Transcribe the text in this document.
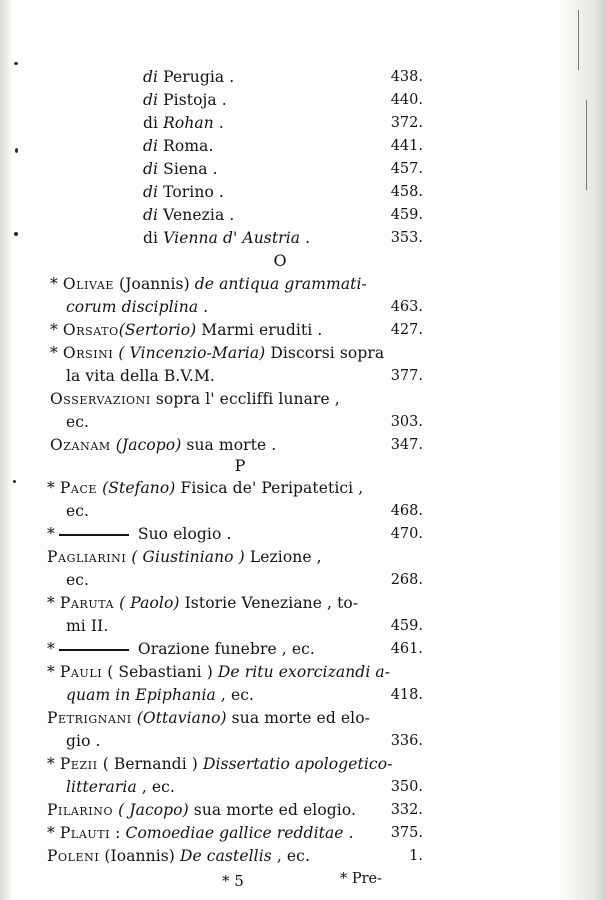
di Perugia .	438.
di Pistoja .	440.
di Rohan .	372.
di Roma.	441.
di Siena .	457.
di Torino .	458.
di Venezia .	459.
di Vienna d' Austria .	353.
O
* Olivae (Joannis) de antiqua grammati-
corum disciplina .	463.
* Orsato(Sertorio) Marmi eruditi .	427.
* Orsini ( Vincenzio-Maria) Discorsi sopra
la vita della B.V.M.	377.
Osservazioni sopra l' eccliffi lunare ,
ec.	303.
Ozanam (Jacopo) sua morte .	347.
P
* Pace (Stefano) Fisica de' Peripatetici ,
ec.	468.
*	Suo elogio .	470.
Pagliarini ( Giustiniano ) Lezione ,
ec.	268.
* Paruta ( Paolo) Istorie Veneziane , to-
mi II.	459.
*	Orazione funebre , ec.	461.
* Pauli ( Sebastiani ) De ritu exorcizandi a-
quam in Epiphania , ec.	418.
Petrignani (Ottaviano) sua morte ed elo-
gio .	336.
* Pezii ( Bernandi ) Dissertatio apologetico-
litteraria , ec.	350.
Pilarino ( Jacopo) sua morte ed elogio.	332.
* Plauti : Comoediae gallice redditae .	375.
Poleni (Ioannis) De castellis , ec.	1.
* 5	* Pre-
